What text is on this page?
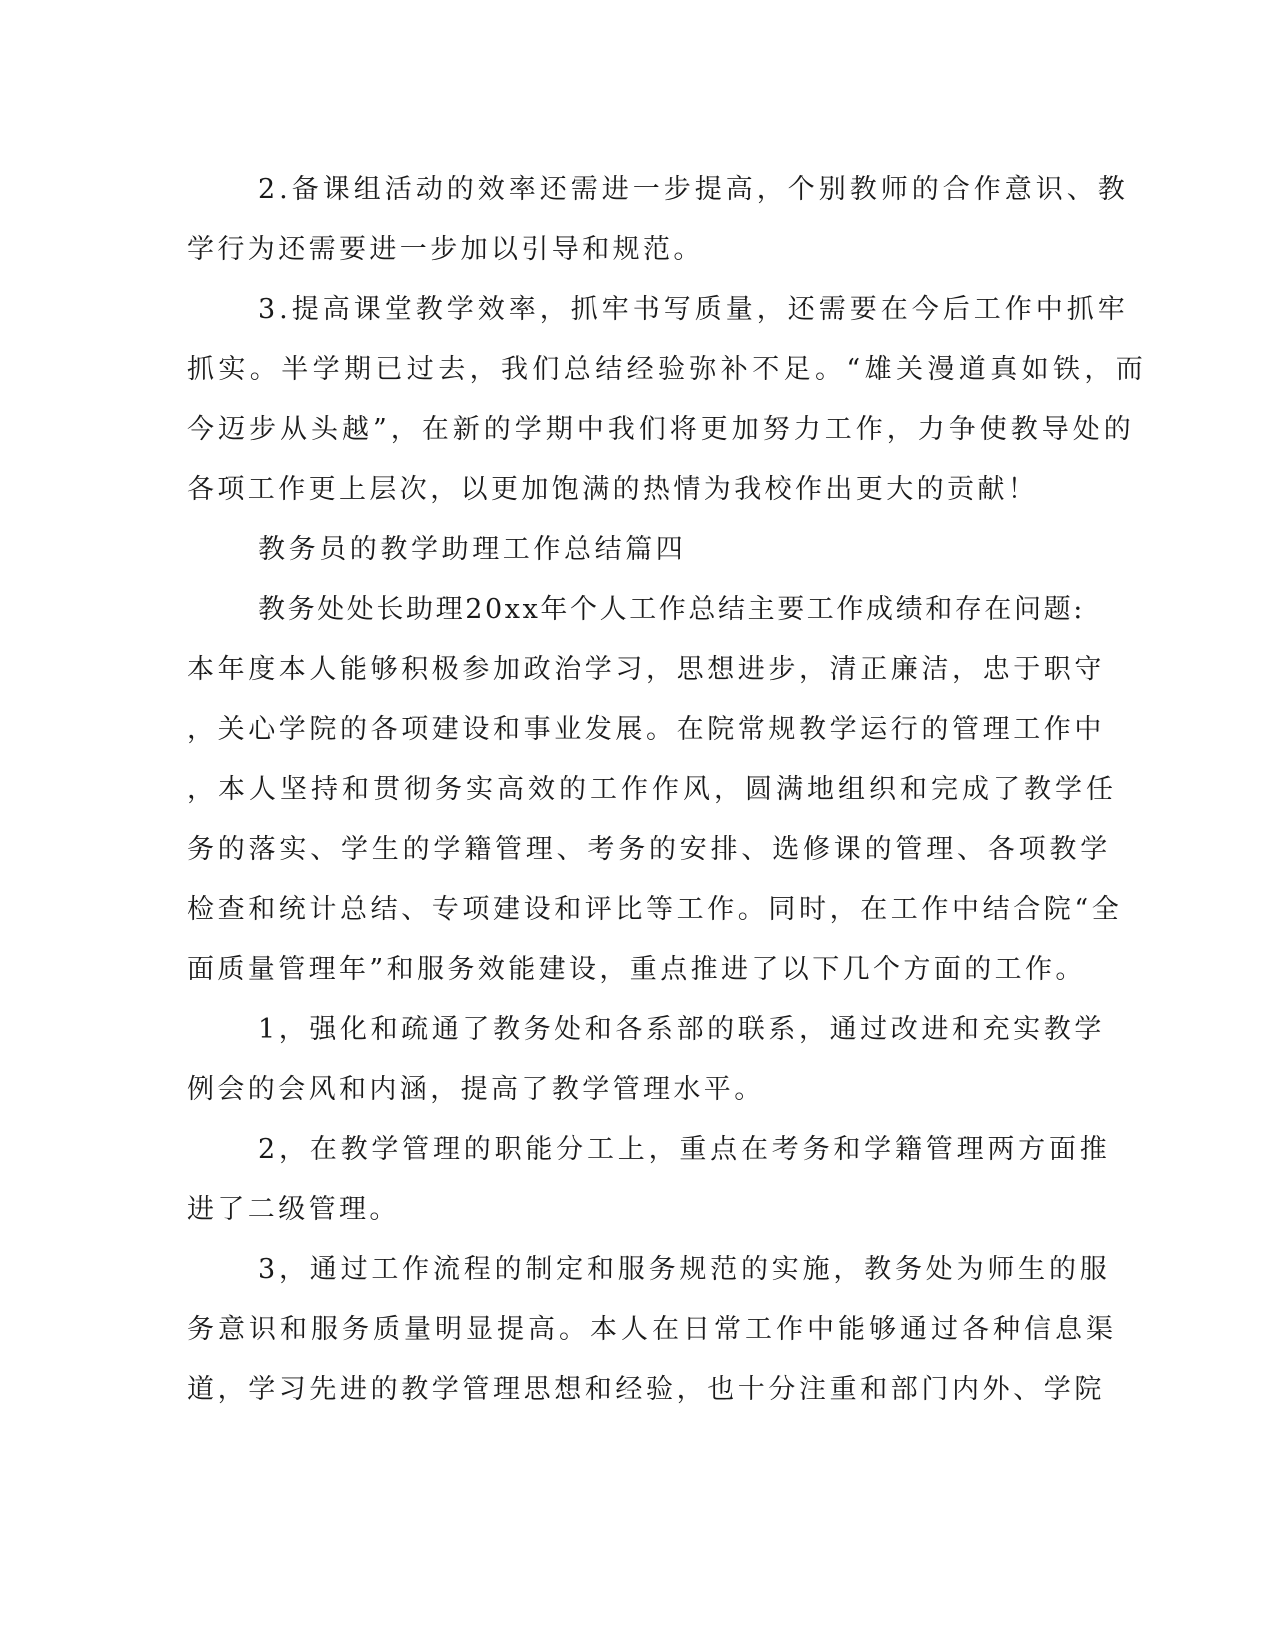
2.备课组活动的效率还需进一步提高，个别教师的合作意识、教
学行为还需要进一步加以引导和规范。
3.提高课堂教学效率，抓牢书写质量，还需要在今后工作中抓牢
抓实。半学期已过去，我们总结经验弥补不足。“雄关漫道真如铁，而
今迈步从头越”，在新的学期中我们将更加努力工作，力争使教导处的
各项工作更上层次，以更加饱满的热情为我校作出更大的贡献！
教务员的教学助理工作总结篇四
教务处处长助理20xx年个人工作总结主要工作成绩和存在问题:
本年度本人能够积极参加政治学习，思想进步，清正廉洁，忠于职守
，关心学院的各项建设和事业发展。在院常规教学运行的管理工作中
，本人坚持和贯彻务实高效的工作作风，圆满地组织和完成了教学任
务的落实、学生的学籍管理、考务的安排、选修课的管理、各项教学
检查和统计总结、专项建设和评比等工作。同时，在工作中结合院“全
面质量管理年”和服务效能建设，重点推进了以下几个方面的工作。
1，强化和疏通了教务处和各系部的联系，通过改进和充实教学
例会的会风和内涵，提高了教学管理水平。
2，在教学管理的职能分工上，重点在考务和学籍管理两方面推
进了二级管理。
3，通过工作流程的制定和服务规范的实施，教务处为师生的服
务意识和服务质量明显提高。本人在日常工作中能够通过各种信息渠
道，学习先进的教学管理思想和经验，也十分注重和部门内外、学院
